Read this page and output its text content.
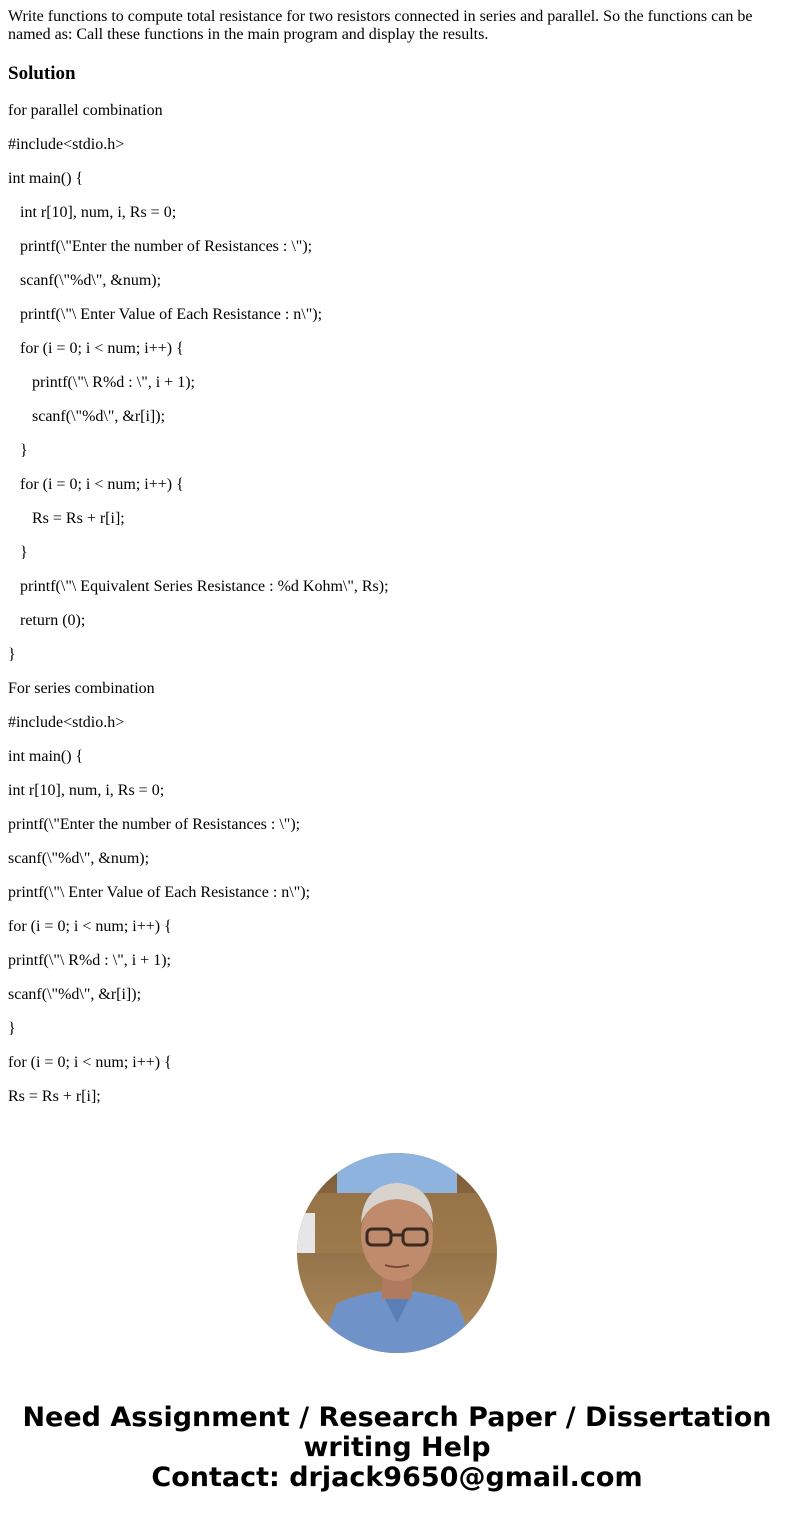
Write functions to compute total resistance for two resistors connected in series and parallel. So the functions can be named as: Call these functions in the main program and display the results.

Solution
for parallel combination
#include<stdio.h>
int main() {
int r[10], num, i, Rs = 0;
printf(\"Enter the number of Resistances : \");
scanf(\"%d\", &num);
printf(\"\ Enter Value of Each Resistance : n\");
for (i = 0; i < num; i++) {
printf(\"\ R%d : \", i + 1);
scanf(\"%d\", &r[i]);
}
for (i = 0; i < num; i++) {
Rs = Rs + r[i];
}
printf(\"\ Equivalent Series Resistance : %d Kohm\", Rs);
return (0);
}
For series combination
#include<stdio.h>
int main() {
int r[10], num, i, Rs = 0;
printf(\"Enter the number of Resistances : \");
scanf(\"%d\", &num);
printf(\"\ Enter Value of Each Resistance : n\");
for (i = 0; i < num; i++) {
printf(\"\ R%d : \", i + 1);
scanf(\"%d\", &r[i]);
}
for (i = 0; i < num; i++) {
Rs = Rs + r[i];
Need Assignment / Research Paper / Dissertation
writing Help
Contact: drjack9650@gmail.com
